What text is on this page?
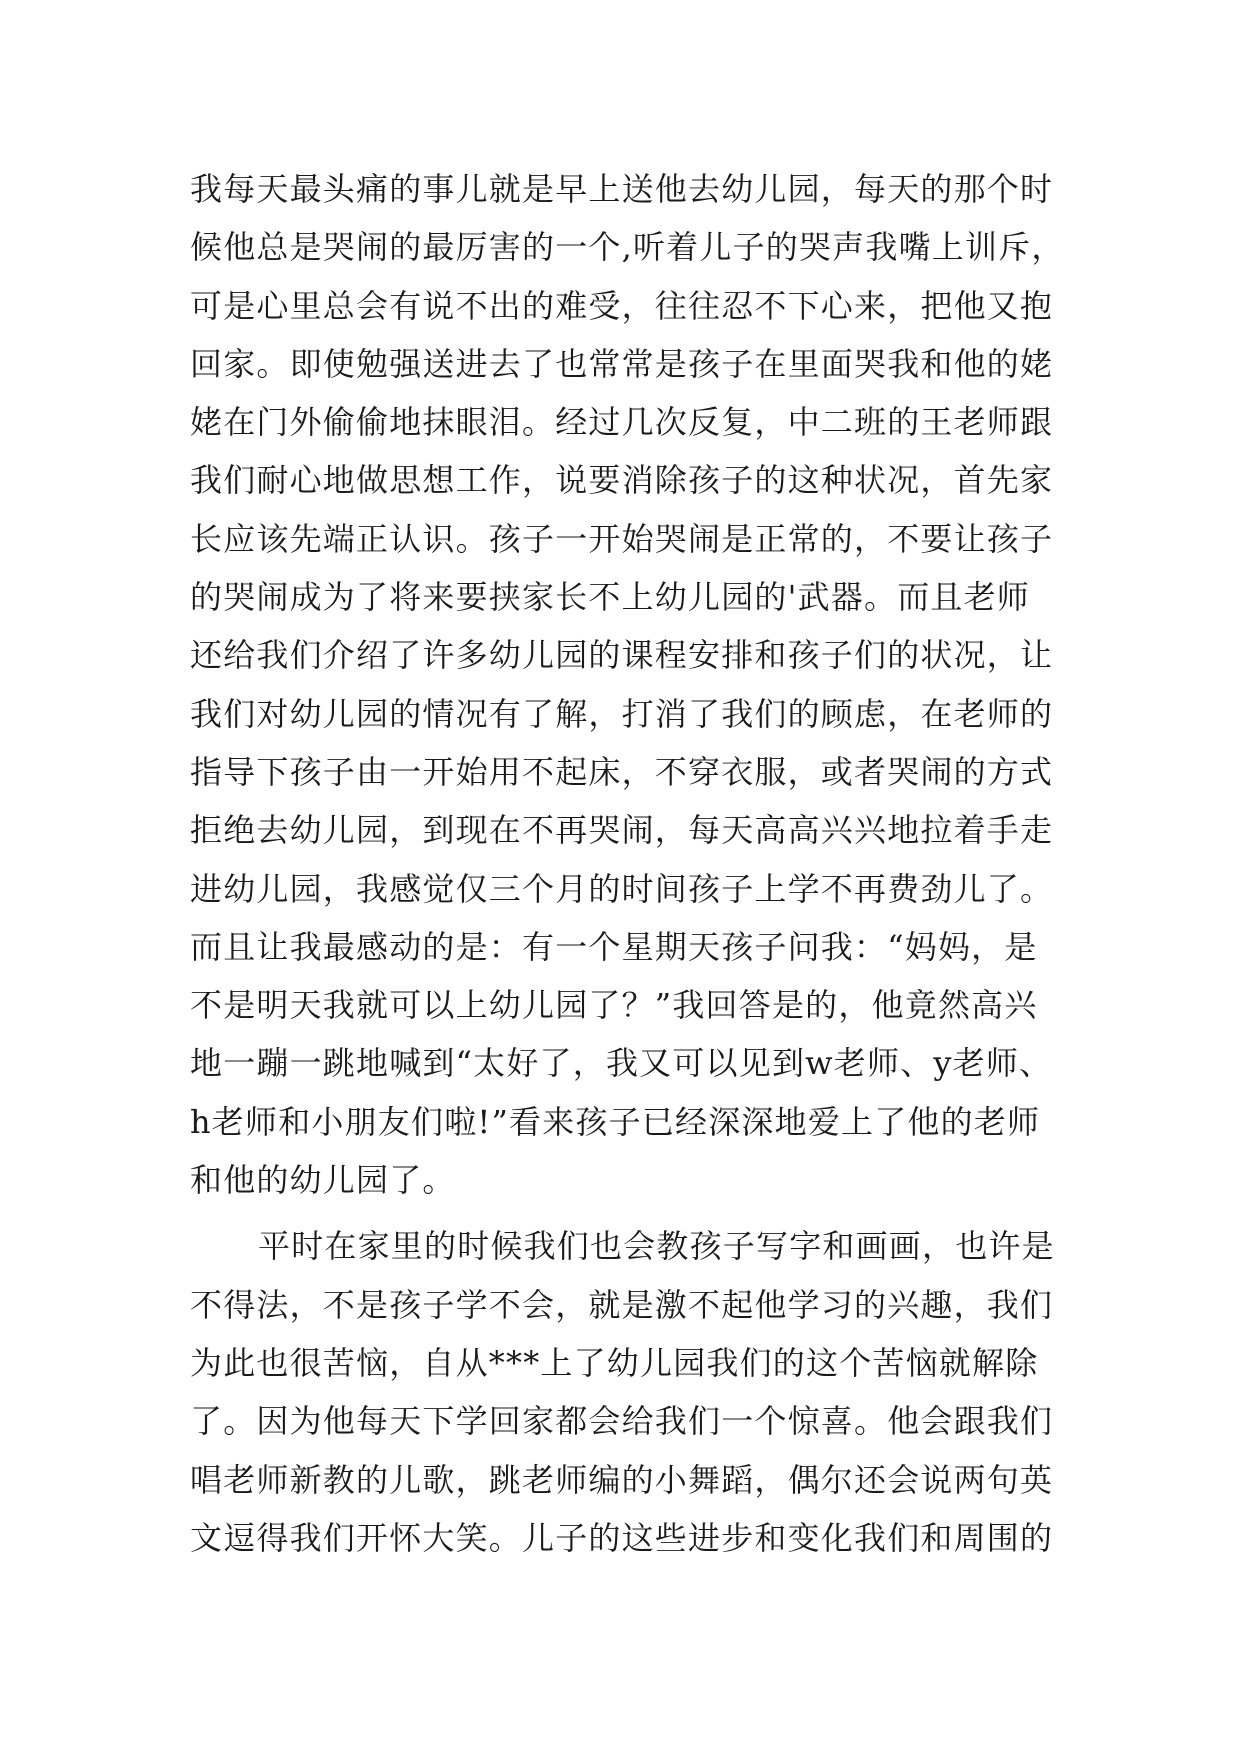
我每天最头痛的事儿就是早上送他去幼儿园，每天的那个时
候他总是哭闹的最厉害的一个,听着儿子的哭声我嘴上训斥，
可是心里总会有说不出的难受，往往忍不下心来，把他又抱
回家。即使勉强送进去了也常常是孩子在里面哭我和他的姥
姥在门外偷偷地抹眼泪。经过几次反复，中二班的王老师跟
我们耐心地做思想工作，说要消除孩子的这种状况，首先家
长应该先端正认识。孩子一开始哭闹是正常的，不要让孩子
的哭闹成为了将来要挟家长不上幼儿园的'武器。而且老师
还给我们介绍了许多幼儿园的课程安排和孩子们的状况，让
我们对幼儿园的情况有了解，打消了我们的顾虑，在老师的
指导下孩子由一开始用不起床，不穿衣服，或者哭闹的方式
拒绝去幼儿园，到现在不再哭闹，每天高高兴兴地拉着手走
进幼儿园，我感觉仅三个月的时间孩子上学不再费劲儿了。
而且让我最感动的是：有一个星期天孩子问我：“妈妈，是
不是明天我就可以上幼儿园了？”我回答是的，他竟然高兴
地一蹦一跳地喊到“太好了，我又可以见到w老师、y老师、
h老师和小朋友们啦!”看来孩子已经深深地爱上了他的老师
和他的幼儿园了。
平时在家里的时候我们也会教孩子写字和画画，也许是
不得法，不是孩子学不会，就是激不起他学习的兴趣，我们
为此也很苦恼，自从***上了幼儿园我们的这个苦恼就解除
了。因为他每天下学回家都会给我们一个惊喜。他会跟我们
唱老师新教的儿歌，跳老师编的小舞蹈，偶尔还会说两句英
文逗得我们开怀大笑。儿子的这些进步和变化我们和周围的
